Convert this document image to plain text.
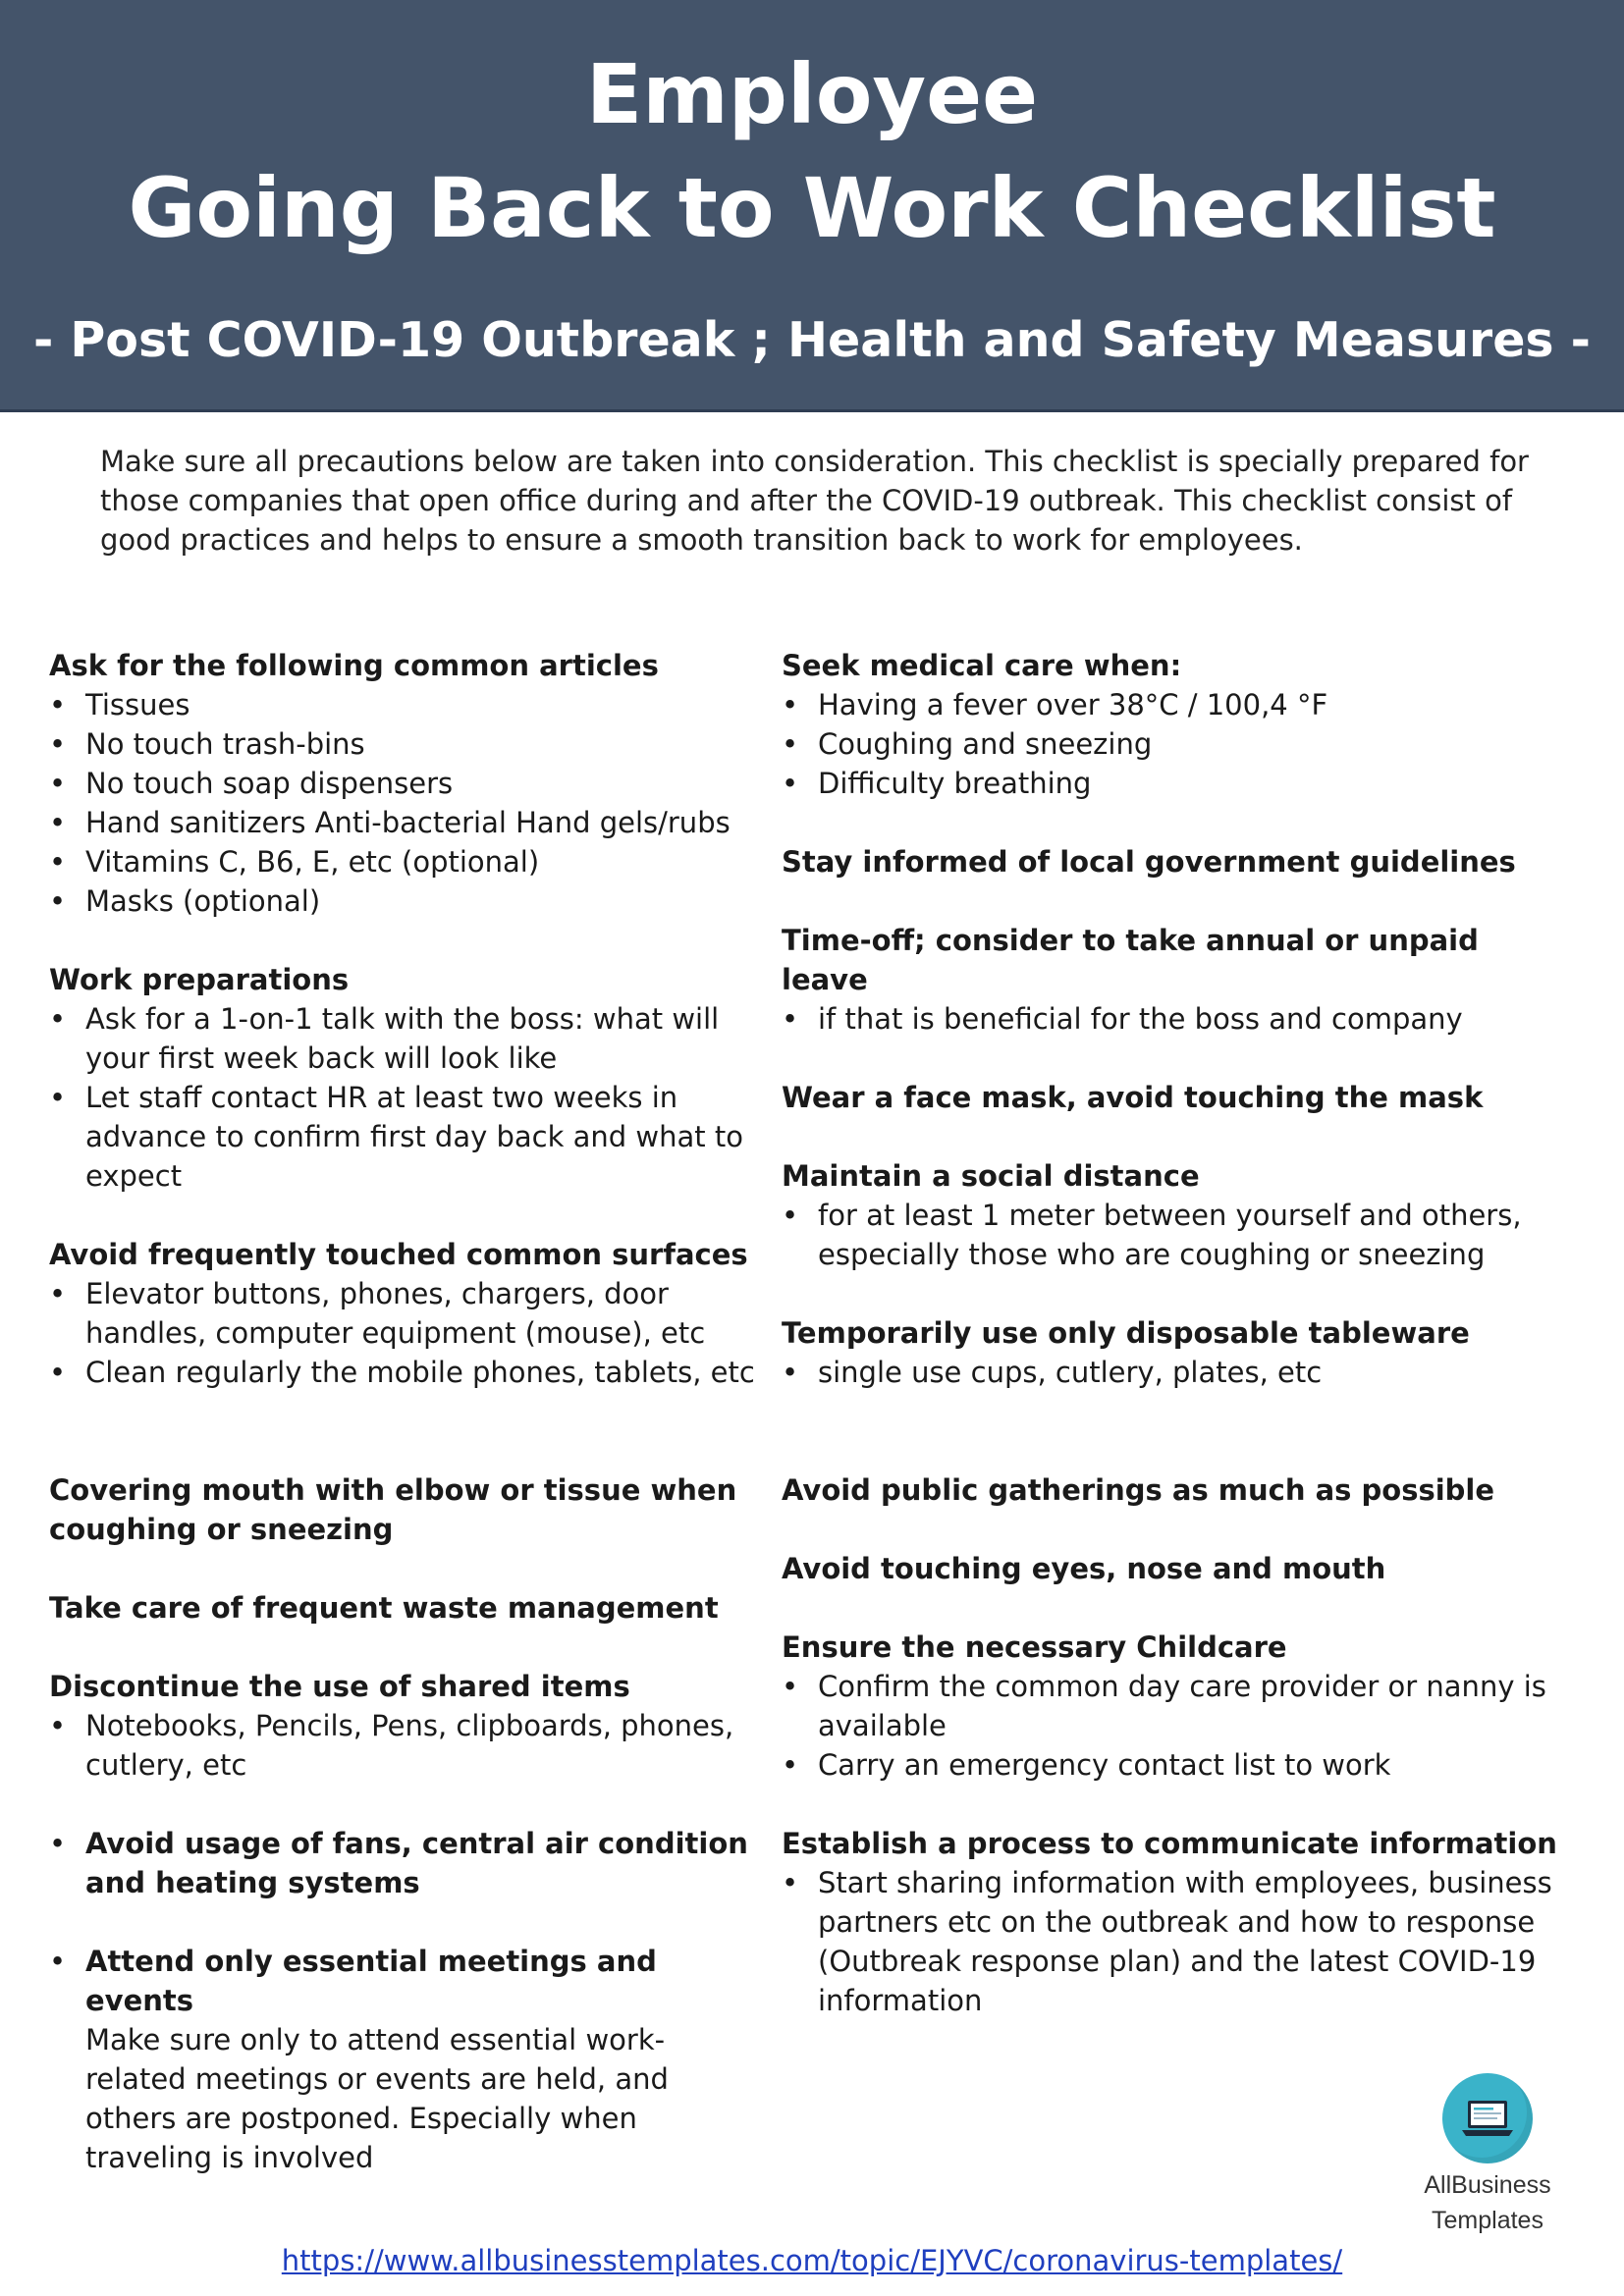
Employee
Going Back to Work Checklist
- Post COVID-19 Outbreak ; Health and Safety Measures -
Make sure all precautions below are taken into consideration. This checklist is specially prepared for those companies that open office during and after the COVID-19 outbreak. This checklist consist of good practices and helps to ensure a smooth transition back to work for employees.
Ask for the following common articles
• Tissues
• No touch trash-bins
• No touch soap dispensers
• Hand sanitizers Anti-bacterial Hand gels/rubs
• Vitamins C, B6, E, etc (optional)
• Masks (optional)
Work preparations
• Ask for a 1-on-1 talk with the boss: what will your first week back will look like
• Let staff contact HR at least two weeks in advance to confirm first day back and what to expect
Avoid frequently touched common surfaces
• Elevator buttons, phones, chargers, door handles, computer equipment (mouse), etc
• Clean regularly the mobile phones, tablets, etc
Covering mouth with elbow or tissue when coughing or sneezing
Take care of frequent waste management
Discontinue the use of shared items
• Notebooks, Pencils, Pens, clipboards, phones, cutlery, etc
• Avoid usage of fans, central air condition and heating systems
• Attend only essential meetings and events
Make sure only to attend essential work-related meetings or events are held, and others are postponed. Especially when traveling is involved
Seek medical care when:
• Having a fever over 38°C / 100,4 °F
• Coughing and sneezing
• Difficulty breathing
Stay informed of local government guidelines
Time-off; consider to take annual or unpaid leave
• if that is beneficial for the boss and company
Wear a face mask, avoid touching the mask
Maintain a social distance
• for at least 1 meter between yourself and others, especially those who are coughing or sneezing
Temporarily use only disposable tableware
• single use cups, cutlery, plates, etc
Avoid public gatherings as much as possible
Avoid touching eyes, nose and mouth
Ensure the necessary Childcare
• Confirm the common day care provider or nanny is available
• Carry an emergency contact list to work
Establish a process to communicate information
• Start sharing information with employees, business partners etc on the outbreak and how to response (Outbreak response plan) and the latest COVID-19 information
AllBusiness
Templates
https://www.allbusinesstemplates.com/topic/EJYVC/coronavirus-templates/
